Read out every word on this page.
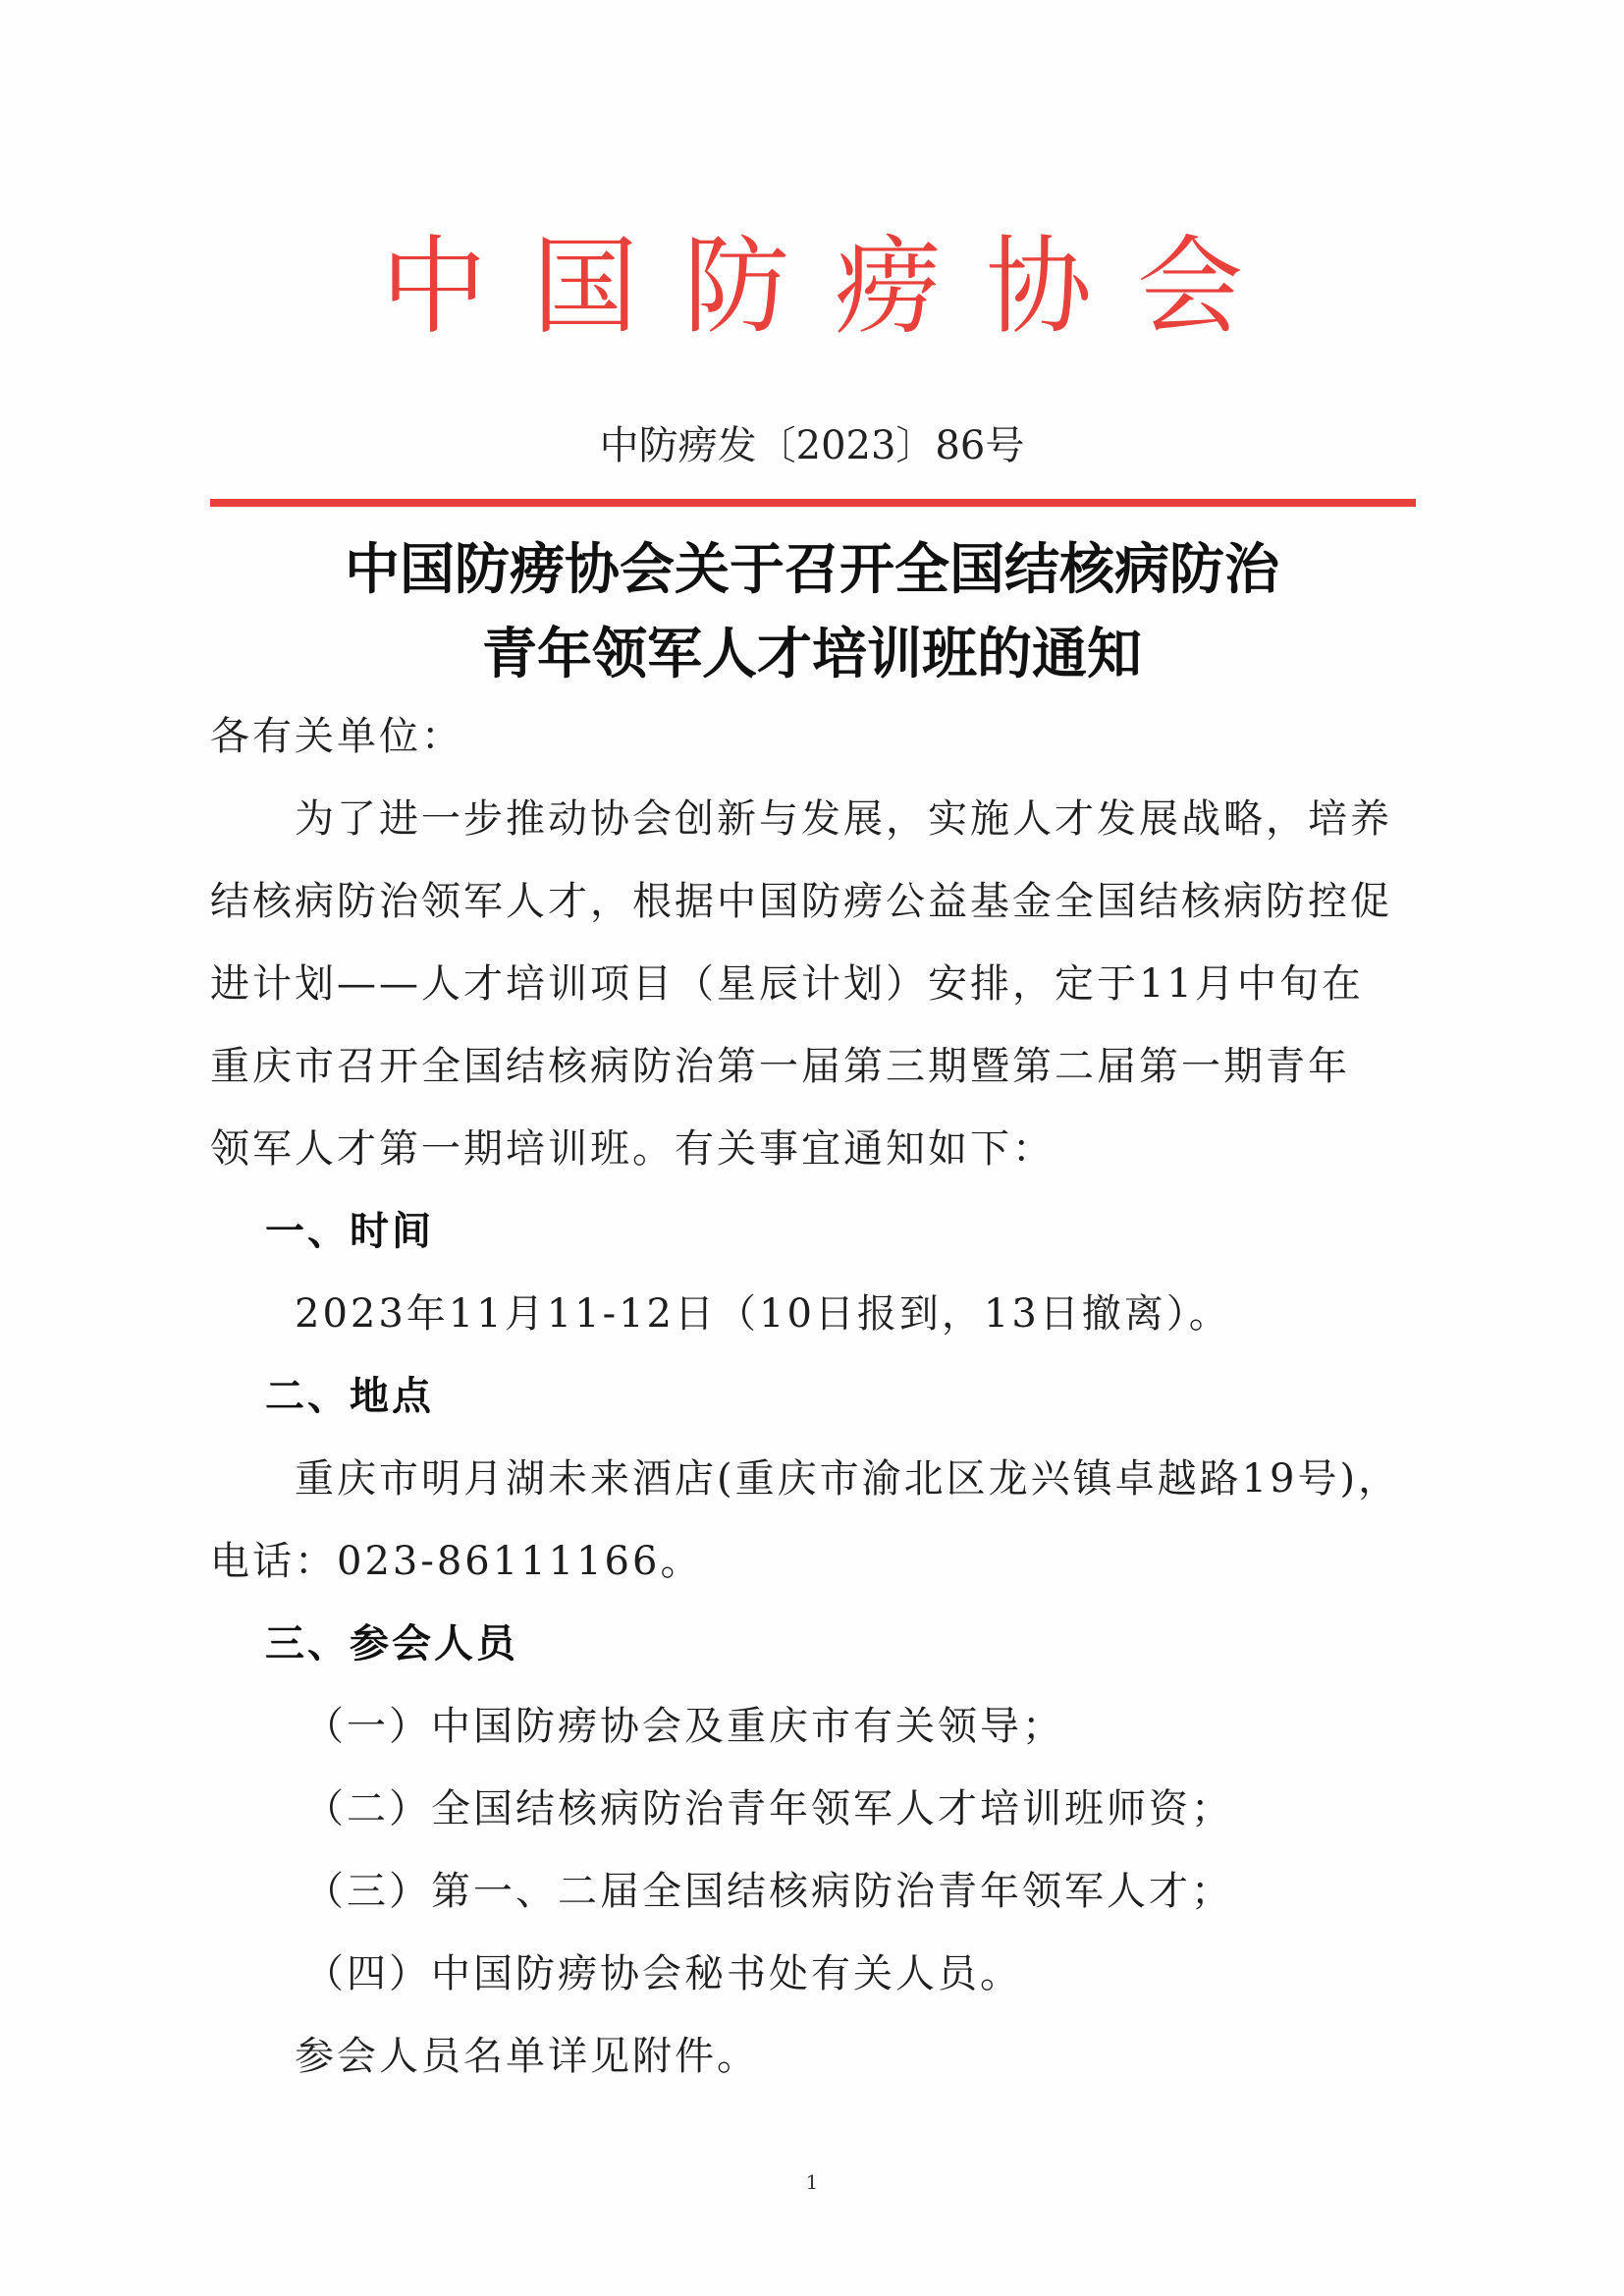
中国防痨协会
中防痨发〔2023〕86号
中国防痨协会关于召开全国结核病防治
青年领军人才培训班的通知
各有关单位：
为了进一步推动协会创新与发展，实施人才发展战略，培养
结核病防治领军人才，根据中国防痨公益基金全国结核病防控促
进计划——人才培训项目（星辰计划）安排，定于11月中旬在
重庆市召开全国结核病防治第一届第三期暨第二届第一期青年
领军人才第一期培训班。有关事宜通知如下：
一、时间
2023年11月11-12日（10日报到，13日撤离）。
二、地点
重庆市明月湖未来酒店(重庆市渝北区龙兴镇卓越路19号)，
电话：023-86111166。
三、参会人员
（一）中国防痨协会及重庆市有关领导；
（二）全国结核病防治青年领军人才培训班师资；
（三）第一、二届全国结核病防治青年领军人才；
（四）中国防痨协会秘书处有关人员。
参会人员名单详见附件。
1
